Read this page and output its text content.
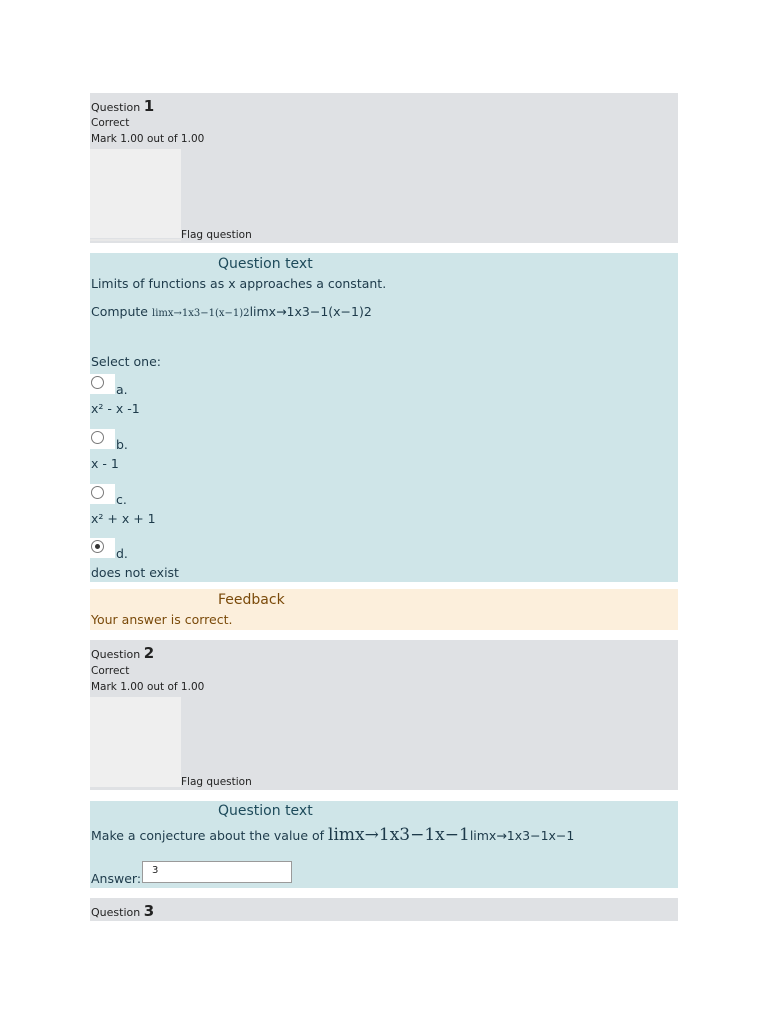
Question 1
Correct
Mark 1.00 out of 1.00
Flag question
Question text
Limits of functions as x approaches a constant.
Compute limx→1x3−1(x−1)2limx→1x3−1(x−1)2
Select one:
a.
x² - x -1
b.
x - 1
c.
x² + x + 1
d.
does not exist
Feedback
Your answer is correct.
Question 2
Correct
Mark 1.00 out of 1.00
Flag question
Question text
Make a conjecture about the value of limx→1x3−1x−1limx→1x3−1x−1
Answer:
3
Question 3
